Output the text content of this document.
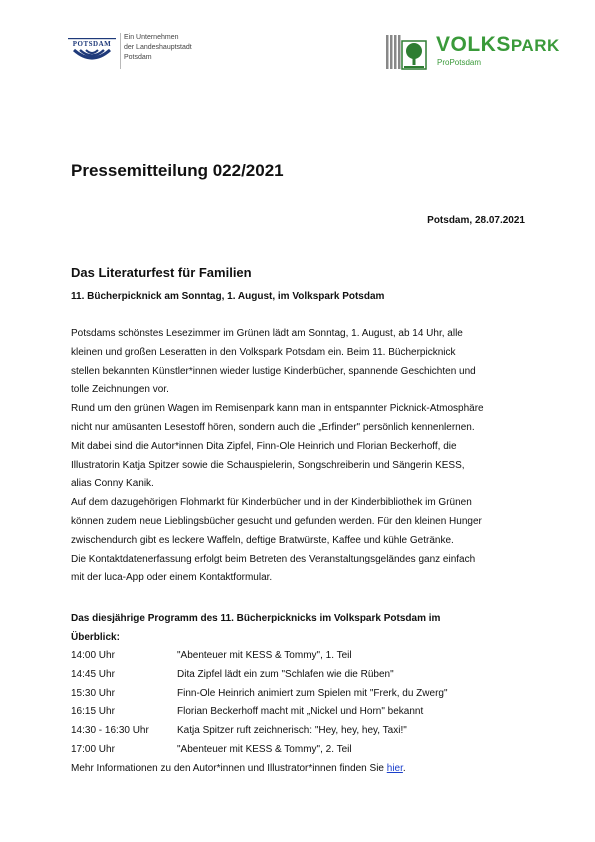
POTSDAM
Ein Unternehmen
der Landeshauptstadt
Potsdam
VOLKSPARK
ProPotsdam
Pressemitteilung 022/2021
Potsdam, 28.07.2021
Das Literaturfest für Familien
11. Bücherpicknick am Sonntag, 1. August, im Volkspark Potsdam
Potsdams schönstes Lesezimmer im Grünen lädt am Sonntag, 1. August, ab 14 Uhr, alle
kleinen und großen Leseratten in den Volkspark Potsdam ein. Beim 11. Bücherpicknick
stellen bekannten Künstler*innen wieder lustige Kinderbücher, spannende Geschichten und
tolle Zeichnungen vor.
Rund um den grünen Wagen im Remisenpark kann man in entspannter Picknick-Atmosphäre
nicht nur amüsanten Lesestoff hören, sondern auch die „Erfinder" persönlich kennenlernen.
Mit dabei sind die Autor*innen Dita Zipfel, Finn-Ole Heinrich und Florian Beckerhoff, die
Illustratorin Katja Spitzer sowie die Schauspielerin, Songschreiberin und Sängerin KESS,
alias Conny Kanik.
Auf dem dazugehörigen Flohmarkt für Kinderbücher und in der Kinderbibliothek im Grünen
können zudem neue Lieblingsbücher gesucht und gefunden werden. Für den kleinen Hunger
zwischendurch gibt es leckere Waffeln, deftige Bratwürste, Kaffee und kühle Getränke.
Die Kontaktdatenerfassung erfolgt beim Betreten des Veranstaltungsgeländes ganz einfach
mit der luca-App oder einem Kontaktformular.
Das diesjährige Programm des 11. Bücherpicknicks im Volkspark Potsdam im
Überblick:
14:00 Uhr	"Abenteuer mit KESS & Tommy", 1. Teil
14:45 Uhr	Dita Zipfel lädt ein zum "Schlafen wie die Rüben"
15:30 Uhr	Finn-Ole Heinrich animiert zum Spielen mit "Frerk, du Zwerg"
16:15 Uhr	Florian Beckerhoff macht mit „Nickel und Horn" bekannt
14:30 - 16:30 Uhr	Katja Spitzer ruft zeichnerisch: "Hey, hey, hey, Taxi!"
17:00 Uhr	"Abenteuer mit KESS & Tommy", 2. Teil
Mehr Informationen zu den Autor*innen und Illustrator*innen finden Sie hier.
